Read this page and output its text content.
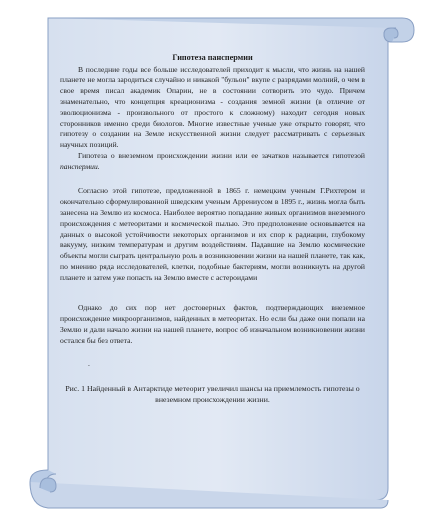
Гипотеза панспермии

В последние годы все больше исследователей приходит к мысли, что жизнь на нашей планете не могла зародиться случайно и никакой "бульон" вкупе с разрядами молний, о чем в свое время писал академик Опарин, не в состоянии сотворить это чудо. Причем знаменательно, что концепция креационизма - создания земной жизни (в отличие от эволюционизма - произвольного от простого к сложному) находит сегодня новых сторонников именно среди биологов. Многие известные ученые уже открыто говорят, что гипотезу о создании на Земле искусственной жизни следует рассматривать с серьезных научных позиций.

Гипотеза о внеземном происхождении жизни или ее зачатков называется гипотезой панспермии.

Согласно этой гипотезе, предложенной в 1865 г. немецким ученым Г.Рихтером и окончательно сформулированной шведским ученым Аррениусом в 1895 г., жизнь могла быть занесена на Землю из космоса. Наиболее вероятно попадание живых организмов внеземного происхождения с метеоритами и космической пылью. Это предположение основывается на данных о высокой устойчивости некоторых организмов и их спор к радиации, глубокому вакууму, низким температурам и другим воздействиям. Падавшие на Землю космические объекты могли сыграть центральную роль в возникновении жизни на нашей планете, так как, по мнению ряда исследователей, клетки, подобные бактериям, могли возникнуть на другой планете и затем уже попасть на Землю вместе с астероидами

Однако до сих пор нет достоверных фактов, подтверждающих внеземное происхождение микроорганизмов, найденных в метеоритах. Но если бы даже они попали на Землю и дали начало жизни на нашей планете, вопрос об изначальном возникновении жизни остался бы без ответа.

.

Рис. 1 Найденный в Антарктиде метеорит увеличил шансы на приемлемость гипотезы о внеземном происхождении жизни.
